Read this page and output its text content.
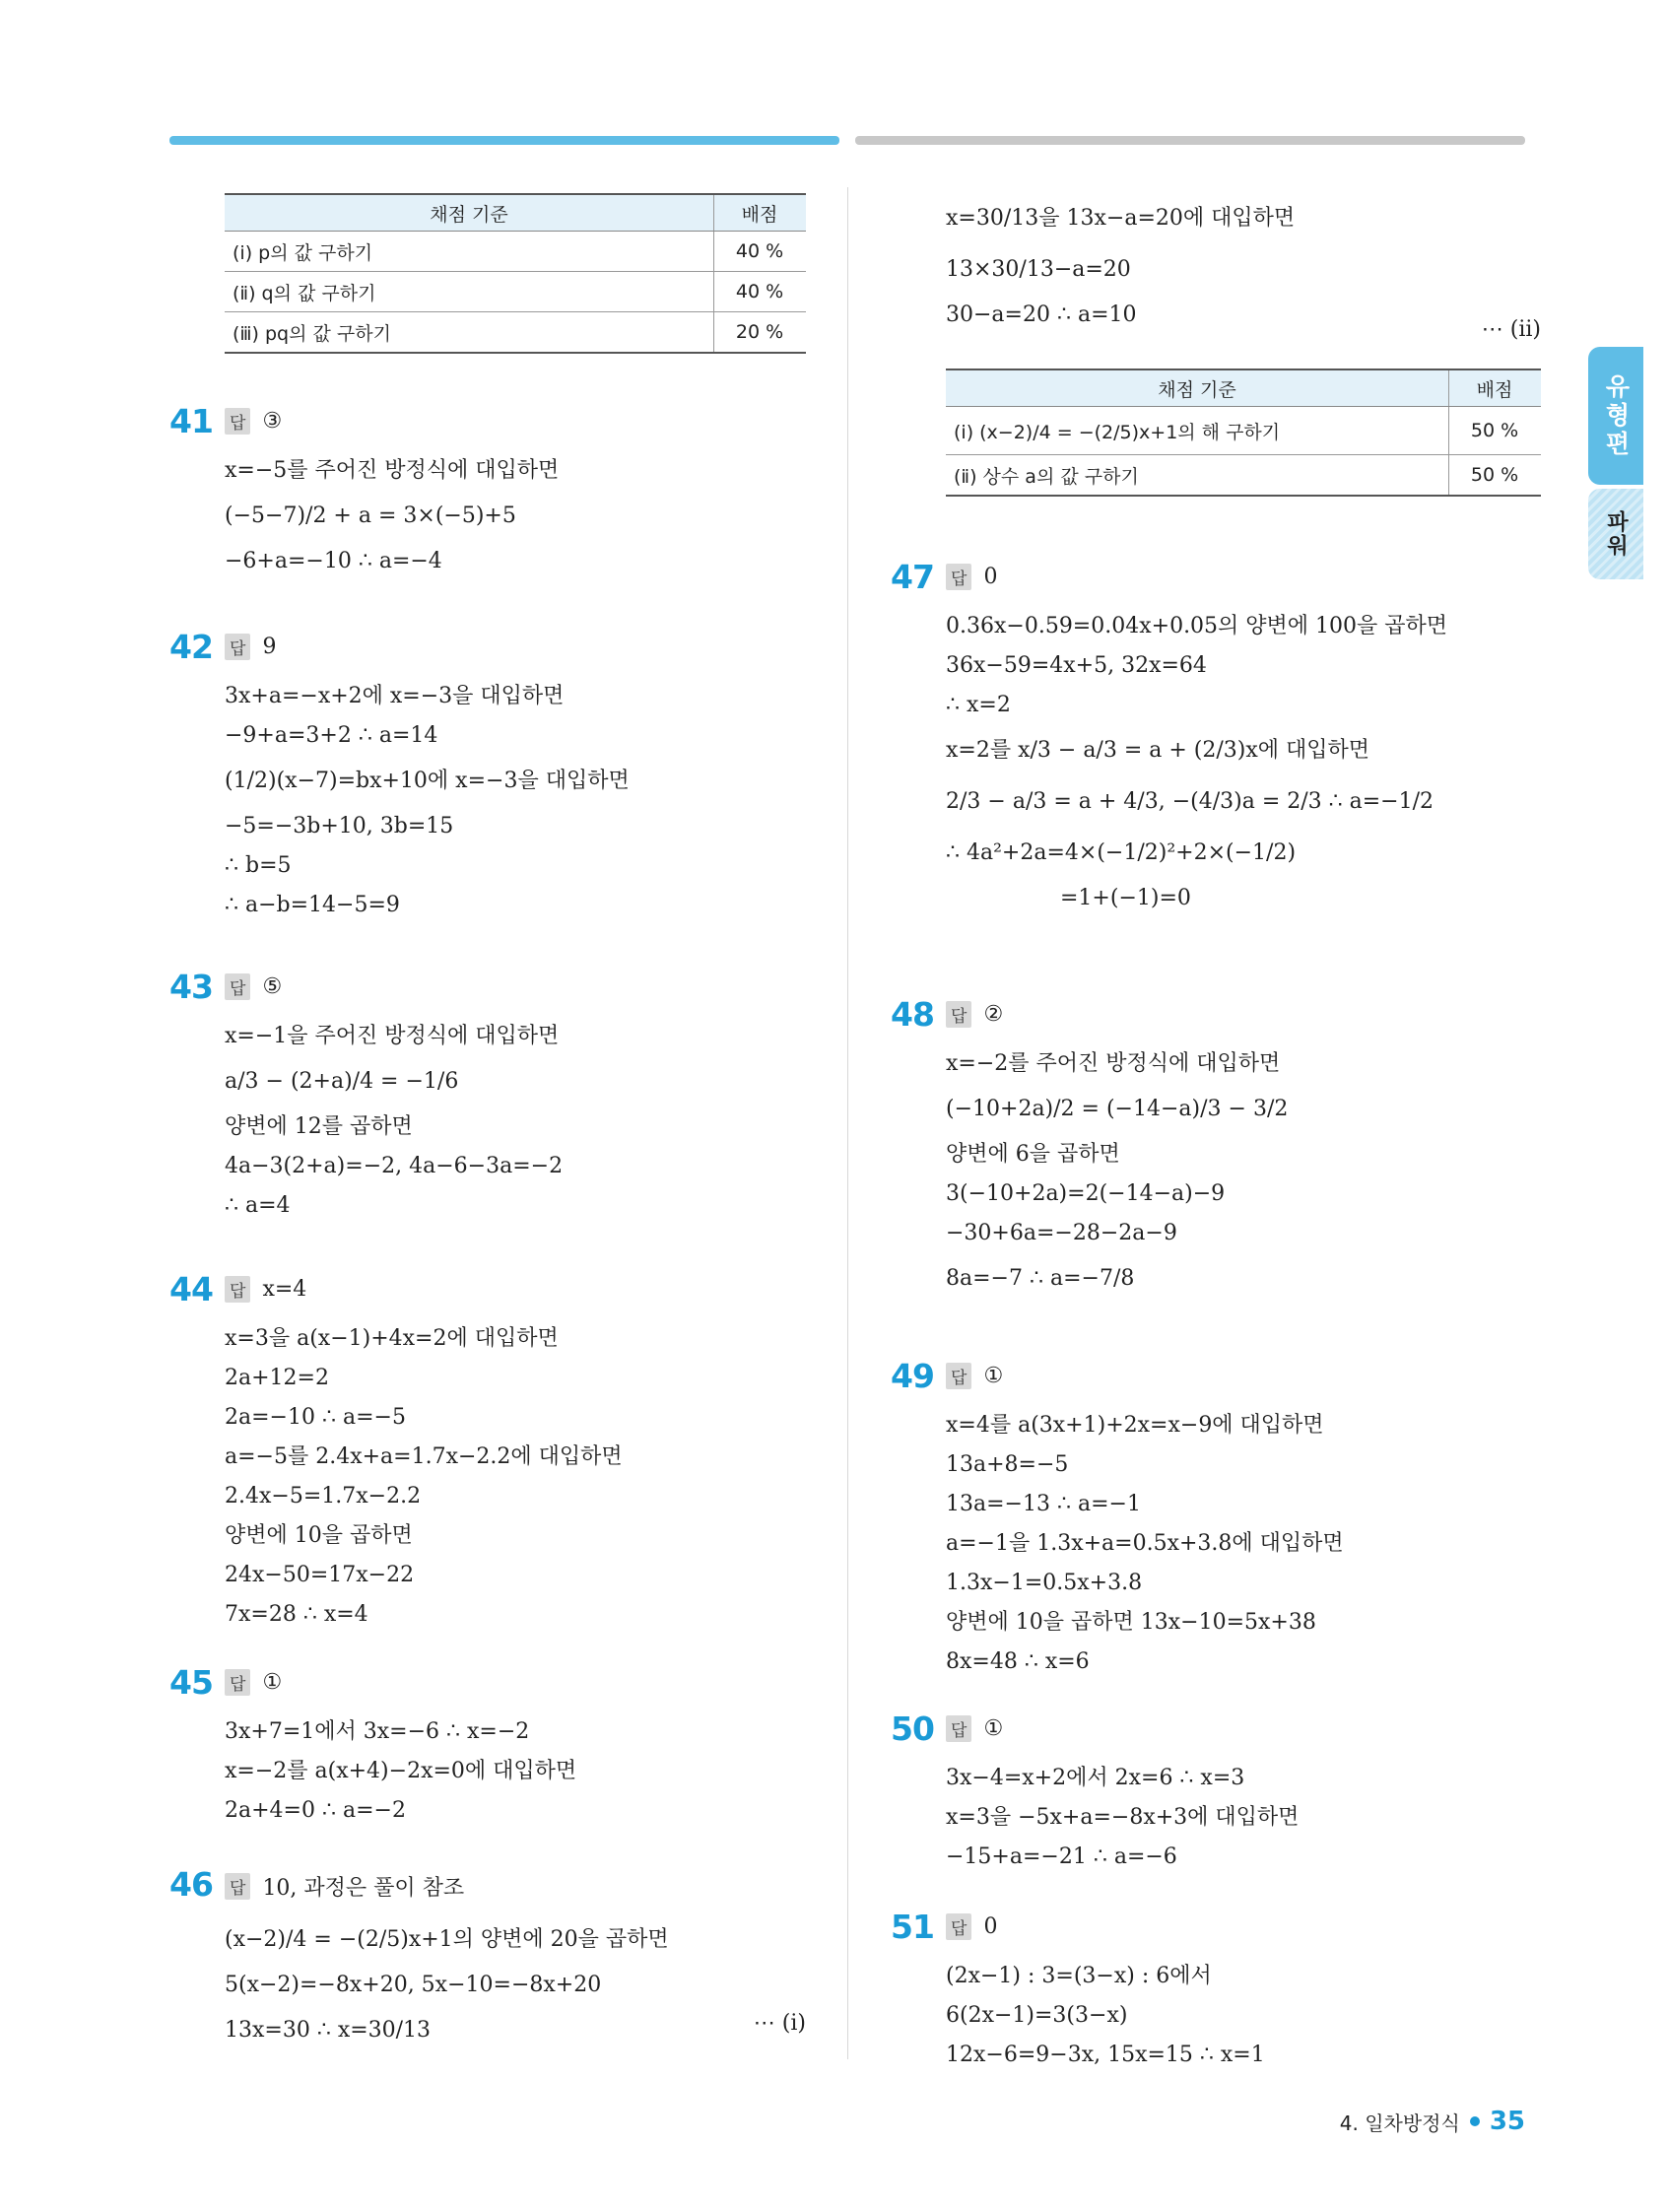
유형편
파워
채점 기준	배점
(ⅰ) p의 값 구하기	40 %
(ⅱ) q의 값 구하기	40 %
(ⅲ) pq의 값 구하기	20 %
41 답 ③
x=−5를 주어진 방정식에 대입하면
(−5−7)/2 + a = 3×(−5)+5
−6+a=−10 ∴ a=−4
42 답 9
3x+a=−x+2에 x=−3을 대입하면
−9+a=3+2 ∴ a=14
(1/2)(x−7)=bx+10에 x=−3을 대입하면
−5=−3b+10, 3b=15
∴ b=5
∴ a−b=14−5=9
43 답 ⑤
x=−1을 주어진 방정식에 대입하면
a/3 − (2+a)/4 = −1/6
양변에 12를 곱하면
4a−3(2+a)=−2, 4a−6−3a=−2
∴ a=4
44 답 x=4
x=3을 a(x−1)+4x=2에 대입하면
2a+12=2
2a=−10 ∴ a=−5
a=−5를 2.4x+a=1.7x−2.2에 대입하면
2.4x−5=1.7x−2.2
양변에 10을 곱하면
24x−50=17x−22
7x=28 ∴ x=4
45 답 ①
3x+7=1에서 3x=−6 ∴ x=−2
x=−2를 a(x+4)−2x=0에 대입하면
2a+4=0 ∴ a=−2
46 답 10, 과정은 풀이 참조
(x−2)/4 = −(2/5)x+1의 양변에 20을 곱하면
5(x−2)=−8x+20, 5x−10=−8x+20
13x=30 ∴ x=30/13	⋯ (ⅰ)
x=30/13을 13x−a=20에 대입하면
13×30/13−a=20
30−a=20 ∴ a=10
⋯ (ⅱ)
채점 기준	배점
(ⅰ) (x−2)/4 = −(2/5)x+1의 해 구하기	50 %
(ⅱ) 상수 a의 값 구하기	50 %
47 답 0
0.36x−0.59=0.04x+0.05의 양변에 100을 곱하면
36x−59=4x+5, 32x=64
∴ x=2
x=2를 x/3 − a/3 = a + (2/3)x에 대입하면
2/3 − a/3 = a + 4/3, −(4/3)a = 2/3 ∴ a=−1/2
∴ 4a²+2a=4×(−1/2)²+2×(−1/2)
=1+(−1)=0
48 답 ②
x=−2를 주어진 방정식에 대입하면
(−10+2a)/2 = (−14−a)/3 − 3/2
양변에 6을 곱하면
3(−10+2a)=2(−14−a)−9
−30+6a=−28−2a−9
8a=−7 ∴ a=−7/8
49 답 ①
x=4를 a(3x+1)+2x=x−9에 대입하면
13a+8=−5
13a=−13 ∴ a=−1
a=−1을 1.3x+a=0.5x+3.8에 대입하면
1.3x−1=0.5x+3.8
양변에 10을 곱하면 13x−10=5x+38
8x=48 ∴ x=6
50 답 ①
3x−4=x+2에서 2x=6 ∴ x=3
x=3을 −5x+a=−8x+3에 대입하면
−15+a=−21 ∴ a=−6
51 답 0
(2x−1) : 3=(3−x) : 6에서
6(2x−1)=3(3−x)
12x−6=9−3x, 15x=15 ∴ x=1
4. 일차방정식 35
